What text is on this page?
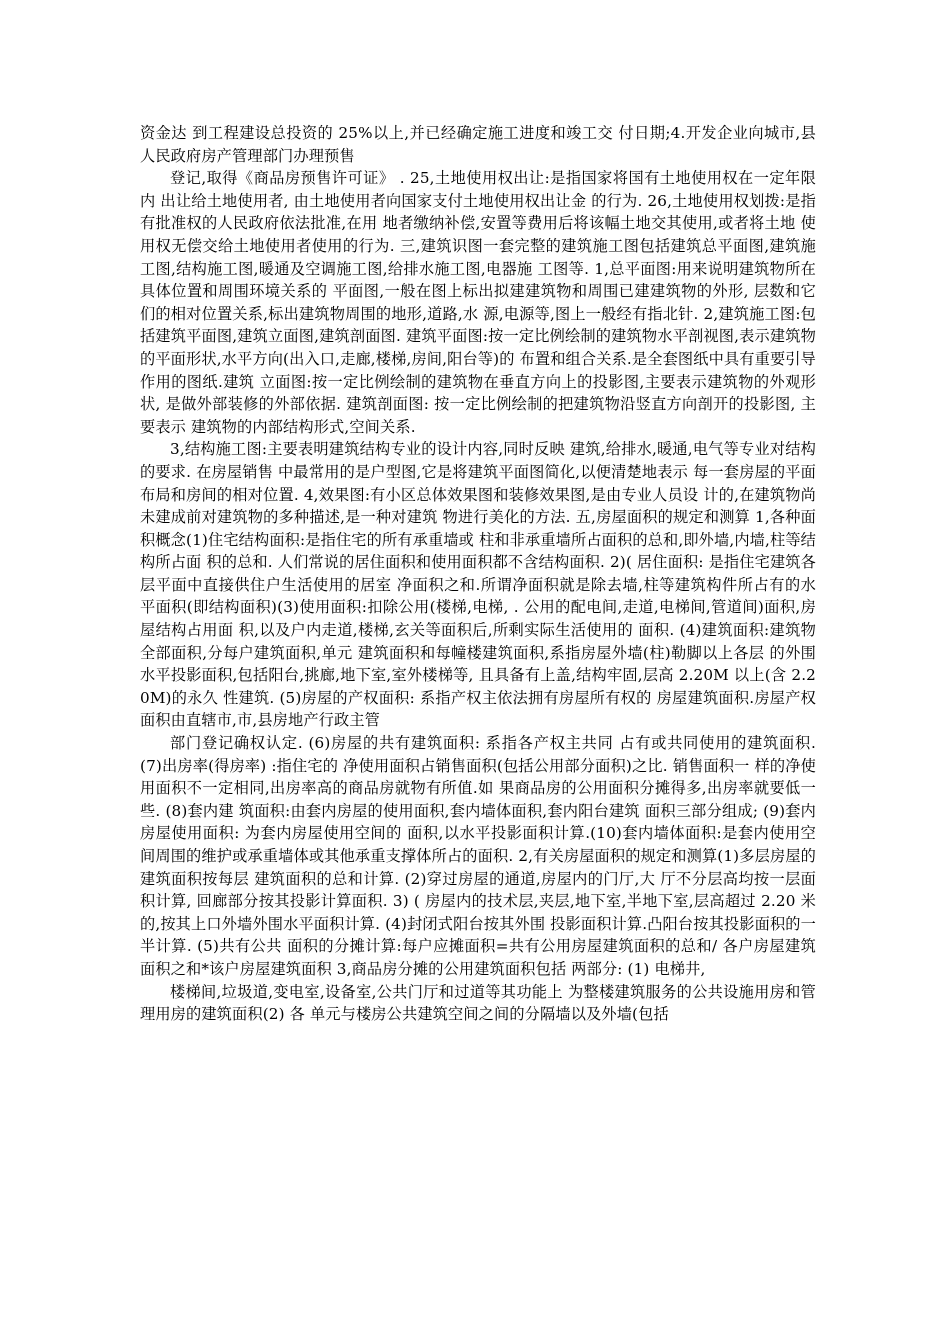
资金达 到工程建设总投资的 25%以上,并已经确定施工进度和竣工交 付日期;4.开发企业向城市,县人民政府房产管理部门办理预售

登记,取得《商品房预售许可证》 . 25,土地使用权出让:是指国家将国有土地使用权在一定年限内 出让给土地使用者, 由土地使用者向国家支付土地使用权出让金 的行为. 26,土地使用权划拨:是指有批准权的人民政府依法批准,在用 地者缴纳补偿,安置等费用后将该幅土地交其使用,或者将土地 使用权无偿交给土地使用者使用的行为. 三,建筑识图一套完整的建筑施工图包括建筑总平面图,建筑施 工图,结构施工图,暖通及空调施工图,给排水施工图,电器施 工图等. 1,总平面图:用来说明建筑物所在具体位置和周围环境关系的 平面图,一般在图上标出拟建建筑物和周围已建建筑物的外形, 层数和它们的相对位置关系,标出建筑物周围的地形,道路,水 源,电源等,图上一般经有指北针. 2,建筑施工图:包括建筑平面图,建筑立面图,建筑剖面图. 建筑平面图:按一定比例绘制的建筑物水平剖视图,表示建筑物 的平面形状,水平方向(出入口,走廊,楼梯,房间,阳台等)的 布置和组合关系.是全套图纸中具有重要引导作用的图纸.建筑 立面图:按一定比例绘制的建筑物在垂直方向上的投影图,主要表示建筑物的外观形状, 是做外部装修的外部依据. 建筑剖面图: 按一定比例绘制的把建筑物沿竖直方向剖开的投影图, 主要表示 建筑物的内部结构形式,空间关系.

3,结构施工图:主要表明建筑结构专业的设计内容,同时反映 建筑,给排水,暖通,电气等专业对结构的要求. 在房屋销售 中最常用的是户型图,它是将建筑平面图简化,以便清楚地表示 每一套房屋的平面布局和房间的相对位置. 4,效果图:有小区总体效果图和装修效果图,是由专业人员设 计的,在建筑物尚未建成前对建筑物的多种描述,是一种对建筑 物进行美化的方法. 五,房屋面积的规定和测算 1,各种面积概念(1)住宅结构面积:是指住宅的所有承重墙或 柱和非承重墙所占面积的总和,即外墙,内墙,柱等结构所占面 积的总和. 人们常说的居住面积和使用面积都不含结构面积. 2)( 居住面积: 是指住宅建筑各层平面中直接供住户生活使用的居室 净面积之和.所谓净面积就是除去墙,柱等建筑构件所占有的水 平面积(即结构面积)(3)使用面积:扣除公用(楼梯,电梯, . 公用的配电间,走道,电梯间,管道间)面积,房屋结构占用面 积,以及户内走道,楼梯,玄关等面积后,所剩实际生活使用的 面积. (4)建筑面积:建筑物全部面积,分每户建筑面积,单元 建筑面积和每幢楼建筑面积,系指房屋外墙(柱)勒脚以上各层 的外围水平投影面积,包括阳台,挑廊,地下室,室外楼梯等, 且具备有上盖,结构牢固,层高 2.20M 以上(含 2.20M)的永久 性建筑. (5)房屋的产权面积: 系指产权主依法拥有房屋所有权的 房屋建筑面积.房屋产权面积由直辖市,市,县房地产行政主管

部门登记确权认定. (6)房屋的共有建筑面积: 系指各产权主共同 占有或共同使用的建筑面积. (7)出房率(得房率) :指住宅的 净使用面积占销售面积(包括公用部分面积)之比. 销售面积一 样的净使用面积不一定相同,出房率高的商品房就物有所值.如 果商品房的公用面积分摊得多,出房率就要低一些. (8)套内建 筑面积:由套内房屋的使用面积,套内墙体面积,套内阳台建筑 面积三部分组成; (9)套内房屋使用面积: 为套内房屋使用空间的 面积,以水平投影面积计算.(10)套内墙体面积:是套内使用空 间周围的维护或承重墙体或其他承重支撑体所占的面积. 2,有关房屋面积的规定和测算(1)多层房屋的建筑面积按每层 建筑面积的总和计算. (2)穿过房屋的通道,房屋内的门厅,大 厅不分层高均按一层面积计算, 回廊部分按其投影计算面积. 3) ( 房屋内的技术层,夹层,地下室,半地下室,层高超过 2.20 米的,按其上口外墙外围水平面积计算. (4)封闭式阳台按其外围 投影面积计算.凸阳台按其投影面积的一半计算. (5)共有公共 面积的分摊计算:每户应摊面积=共有公用房屋建筑面积的总和/ 各户房屋建筑面积之和*该户房屋建筑面积 3,商品房分摊的公用建筑面积包括 两部分: (1) 电梯井,

楼梯间,垃圾道,变电室,设备室,公共门厅和过道等其功能上 为整楼建筑服务的公共设施用房和管理用房的建筑面积(2) 各 单元与楼房公共建筑空间之间的分隔墙以及外墙(包括
